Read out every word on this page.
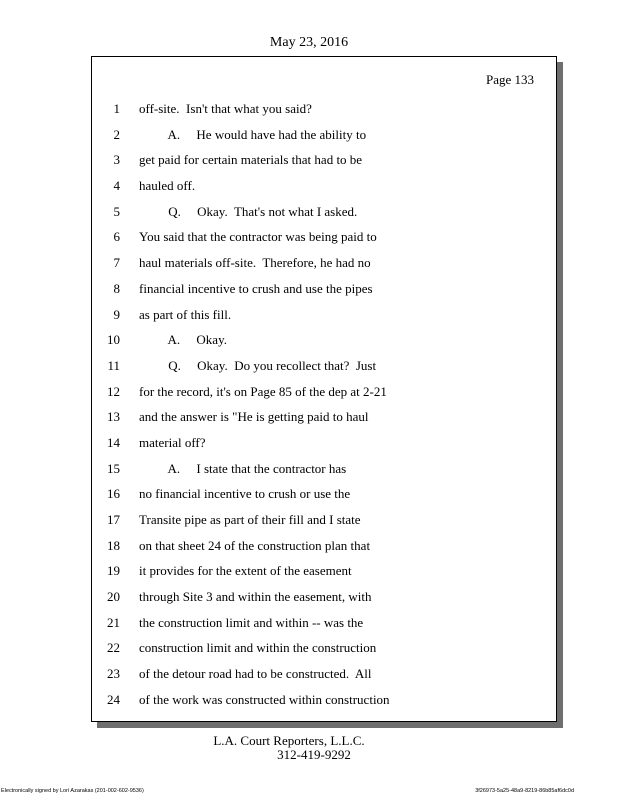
May 23, 2016
Page 133
1 off-site.  Isn't that what you said?
2 A.     He would have had the ability to
3 get paid for certain materials that had to be
4 hauled off.
5 Q.     Okay.  That's not what I asked.
6 You said that the contractor was being paid to
7 haul materials off-site.  Therefore, he had no
8 financial incentive to crush and use the pipes
9 as part of this fill.
10 A.     Okay.
11 Q.     Okay.  Do you recollect that?  Just
12 for the record, it's on Page 85 of the dep at 2-21
13 and the answer is "He is getting paid to haul
14 material off?
15 A.     I state that the contractor has
16 no financial incentive to crush or use the
17 Transite pipe as part of their fill and I state
18 on that sheet 24 of the construction plan that
19 it provides for the extent of the easement
20 through Site 3 and within the easement, with
21 the construction limit and within -- was the
22 construction limit and within the construction
23 of the detour road had to be constructed.  All
24 of the work was constructed within construction
L.A. Court Reporters, L.L.C.
312-419-9292
Electronically signed by Lori Azarakas (201-002-602-9536)	3f26973-5a25-48a9-8219-86b85af6dc0d
